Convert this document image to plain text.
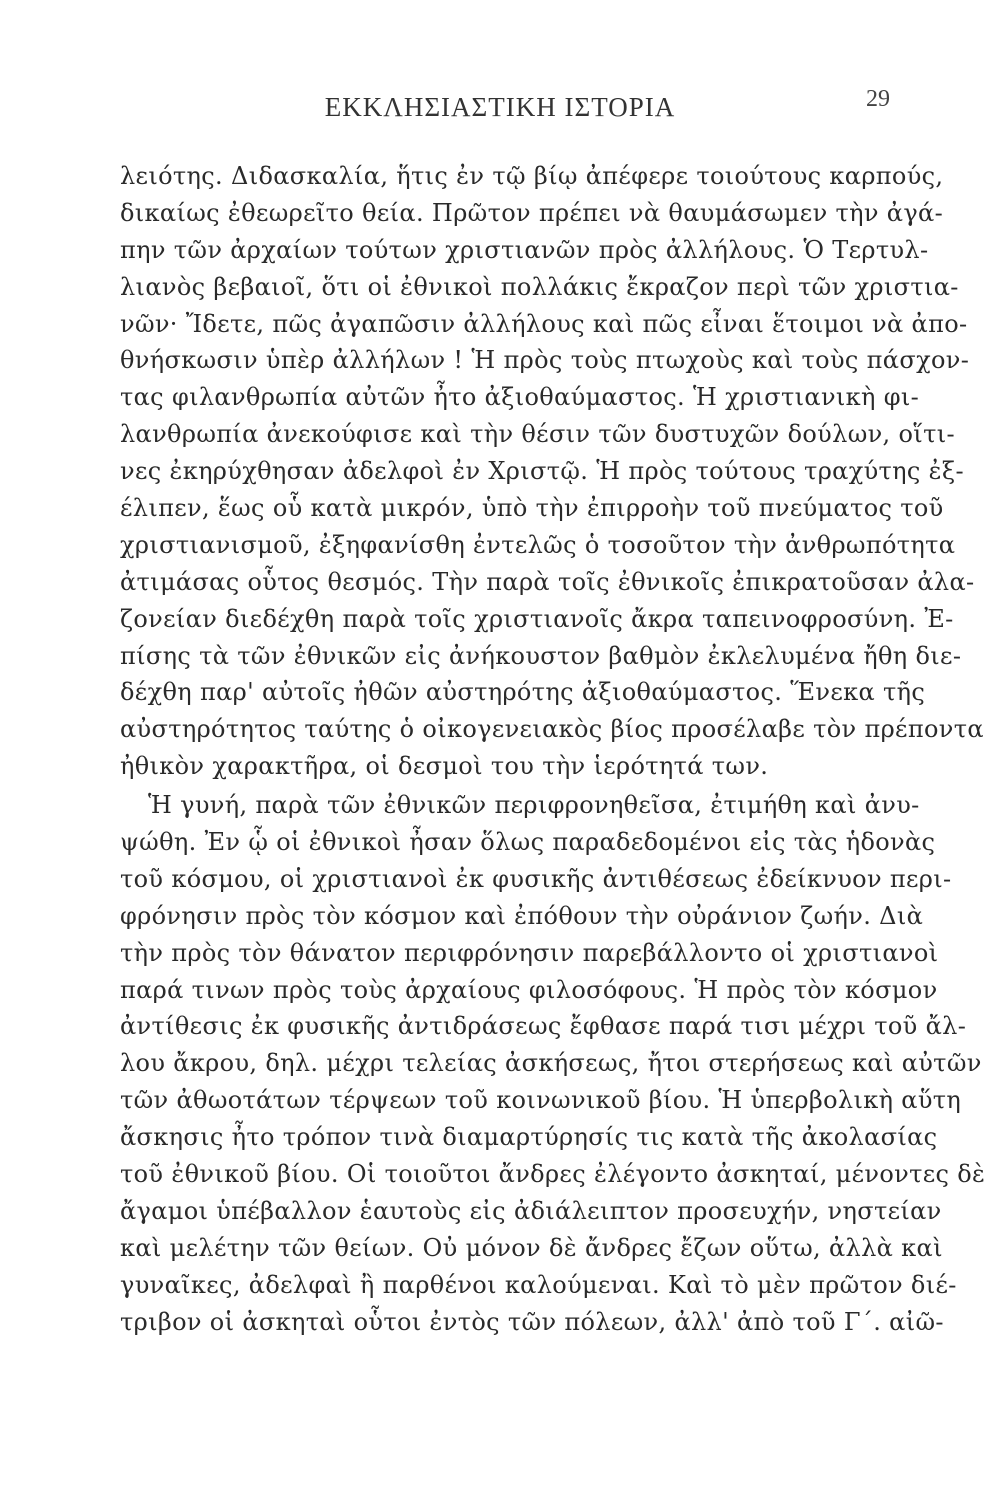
ΕΚΚΛΗΣΙΑΣΤΙΚΗ ΙΣΤΟΡΙΑ	29
λειότης. Διδασκαλία, ἥτις ἐν τῷ βίῳ ἀπέφερε τοιούτους καρπούς,
δικαίως ἐθεωρεῖτο θεία. Πρῶτον πρέπει νὰ θαυμάσωμεν τὴν ἀγά-
πην τῶν ἀρχαίων τούτων χριστιανῶν πρὸς ἀλλήλους. Ὁ Τερτυλ-
λιανὸς βεβαιοῖ, ὅτι οἱ ἐθνικοὶ πολλάκις ἔκραζον περὶ τῶν χριστια-
νῶν· Ἴδετε, πῶς ἀγαπῶσιν ἀλλήλους καὶ πῶς εἶναι ἕτοιμοι νὰ ἀπο-
θνήσκωσιν ὑπὲρ ἀλλήλων ! Ἡ πρὸς τοὺς πτωχοὺς καὶ τοὺς πάσχον-
τας φιλανθρωπία αὐτῶν ἦτο ἀξιοθαύμαστος. Ἡ χριστιανικὴ φι-
λανθρωπία ἀνεκούφισε καὶ τὴν θέσιν τῶν δυστυχῶν δούλων, οἵτι-
νες ἐκηρύχθησαν ἀδελφοὶ ἐν Χριστῷ. Ἡ πρὸς τούτους τραχύτης ἐξ-
έλιπεν, ἕως οὗ κατὰ μικρόν, ὑπὸ τὴν ἐπιρροὴν τοῦ πνεύματος τοῦ
χριστιανισμοῦ, ἐξηφανίσθη ἐντελῶς ὁ τοσοῦτον τὴν ἀνθρωπότητα
ἀτιμάσας οὗτος θεσμός. Τὴν παρὰ τοῖς ἐθνικοῖς ἐπικρατοῦσαν ἀλα-
ζονείαν διεδέχθη παρὰ τοῖς χριστιανοῖς ἄκρα ταπεινοφροσύνη. Ἐ-
πίσης τὰ τῶν ἐθνικῶν εἰς ἀνήκουστον βαθμὸν ἐκλελυμένα ἤθη διε-
δέχθη παρ' αὐτοῖς ἠθῶν αὐστηρότης ἀξιοθαύμαστος. Ἕνεκα τῆς
αὐστηρότητος ταύτης ὁ οἰκογενειακὸς βίος προσέλαβε τὸν πρέποντα
ἠθικὸν χαρακτῆρα, οἱ δεσμοὶ του τὴν ἱερότητά των.
Ἡ γυνή, παρὰ τῶν ἐθνικῶν περιφρονηθεῖσα, ἐτιμήθη καὶ ἀνυ-
ψώθη. Ἐν ᾧ οἱ ἐθνικοὶ ἦσαν ὅλως παραδεδομένοι εἰς τὰς ἡδονὰς
τοῦ κόσμου, οἱ χριστιανοὶ ἐκ φυσικῆς ἀντιθέσεως ἐδείκνυον περι-
φρόνησιν πρὸς τὸν κόσμον καὶ ἐπόθουν τὴν οὐράνιον ζωήν. Διὰ
τὴν πρὸς τὸν θάνατον περιφρόνησιν παρεβάλλοντο οἱ χριστιανοὶ
παρά τινων πρὸς τοὺς ἀρχαίους φιλοσόφους. Ἡ πρὸς τὸν κόσμον
ἀντίθεσις ἐκ φυσικῆς ἀντιδράσεως ἔφθασε παρά τισι μέχρι τοῦ ἄλ-
λου ἄκρου, δηλ. μέχρι τελείας ἀσκήσεως, ἤτοι στερήσεως καὶ αὐτῶν
τῶν ἀθωοτάτων τέρψεων τοῦ κοινωνικοῦ βίου. Ἡ ὑπερβολικὴ αὕτη
ἄσκησις ἦτο τρόπον τινὰ διαμαρτύρησίς τις κατὰ τῆς ἀκολασίας
τοῦ ἐθνικοῦ βίου. Οἱ τοιοῦτοι ἄνδρες ἐλέγοντο ἀσκηταί, μένοντες δὲ
ἄγαμοι ὑπέβαλλον ἑαυτοὺς εἰς ἀδιάλειπτον προσευχήν, νηστείαν
καὶ μελέτην τῶν θείων. Οὐ μόνον δὲ ἄνδρες ἔζων οὕτω, ἀλλὰ καὶ
γυναῖκες, ἀδελφαὶ ἢ παρθένοι καλούμεναι. Καὶ τὸ μὲν πρῶτον διέ-
τριβον οἱ ἀσκηταὶ οὗτοι ἐντὸς τῶν πόλεων, ἀλλ' ἀπὸ τοῦ Γ΄. αἰῶ-
